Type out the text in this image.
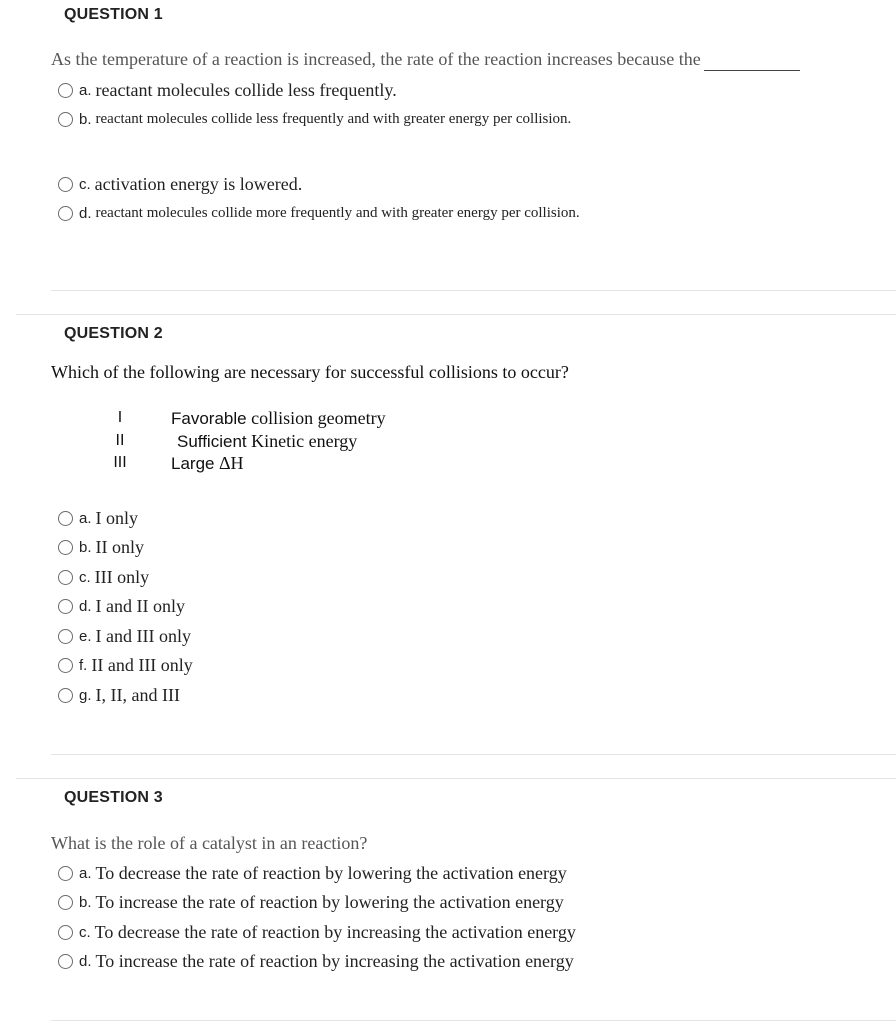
QUESTION 1
As the temperature of a reaction is increased, the rate of the reaction increases because the
a. reactant molecules collide less frequently.
b. reactant molecules collide less frequently and with greater energy per collision.
c. activation energy is lowered.
d. reactant molecules collide more frequently and with greater energy per collision.
QUESTION 2
Which of the following are necessary for successful collisions to occur?
I	Favorable collision geometry
II	Sufficient Kinetic energy
III	Large ΔH
a. I only
b. II only
c. III only
d. I and II only
e. I and III only
f. II and III only
g. I, II, and III
QUESTION 3
What is the role of a catalyst in an reaction?
a. To decrease the rate of reaction by lowering the activation energy
b. To increase the rate of reaction by lowering the activation energy
c. To decrease the rate of reaction by increasing the activation energy
d. To increase the rate of reaction by increasing the activation energy
